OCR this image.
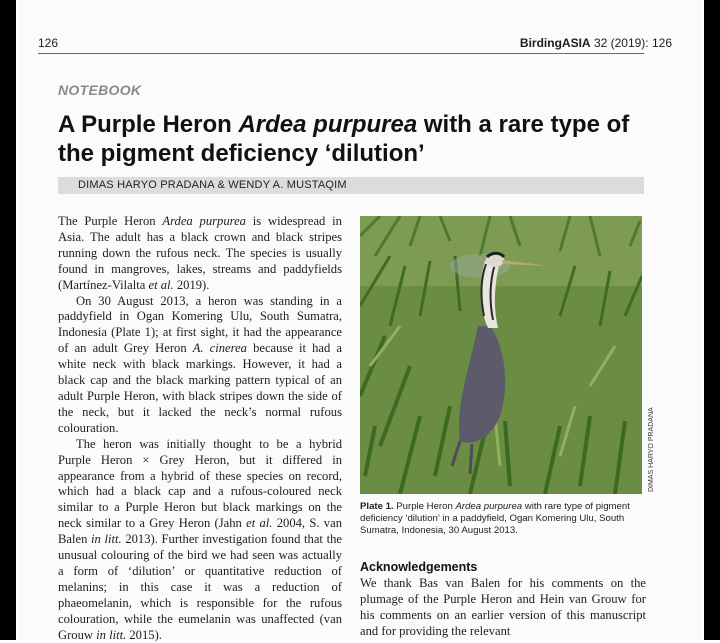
126	BirdingASIA 32 (2019): 126
NOTEBOOK
A Purple Heron Ardea purpurea with a rare type of the pigment deficiency ‘dilution’
DIMAS HARYO PRADANA & WENDY A. MUSTAQIM

The Purple Heron Ardea purpurea is widespread in Asia. The adult has a black crown and black stripes running down the rufous neck. The species is usually found in mangroves, lakes, streams and paddyfields (Martínez-Vilalta et al. 2019).

On 30 August 2013, a heron was standing in a paddyfield in Ogan Komering Ulu, South Sumatra, Indonesia (Plate 1); at first sight, it had the appearance of an adult Grey Heron A. cinerea because it had a white neck with black markings. However, it had a black cap and the black marking pattern typical of an adult Purple Heron, with black stripes down the side of the neck, but it lacked the neck’s normal rufous colouration.

The heron was initially thought to be a hybrid Purple Heron × Grey Heron, but it differed in appearance from a hybrid of these species on record, which had a black cap and a rufous-coloured neck similar to a Purple Heron but black markings on the neck similar to a Grey Heron (Jahn et al. 2004, S. van Balen in litt. 2013). Further investigation found that the unusual colouring of the bird we had seen was actually a form of ‘dilution’ or quantitative reduction of melanins; in this case it was a reduction of phaeomelanin, which is responsible for the rufous colouration, while the eumelanin was unaffected (van Grouw in litt. 2015).

DIMAS HARYO PRADANA
Plate 1. Purple Heron Ardea purpurea with rare type of pigment deficiency ‘dilution’ in a paddyfield, Ogan Komering Ulu, South Sumatra, Indonesia, 30 August 2013.
Acknowledgements
We thank Bas van Balen for his comments on the plumage of the Purple Heron and Hein van Grouw for his comments on an earlier version of this manuscript and for providing the relevant
